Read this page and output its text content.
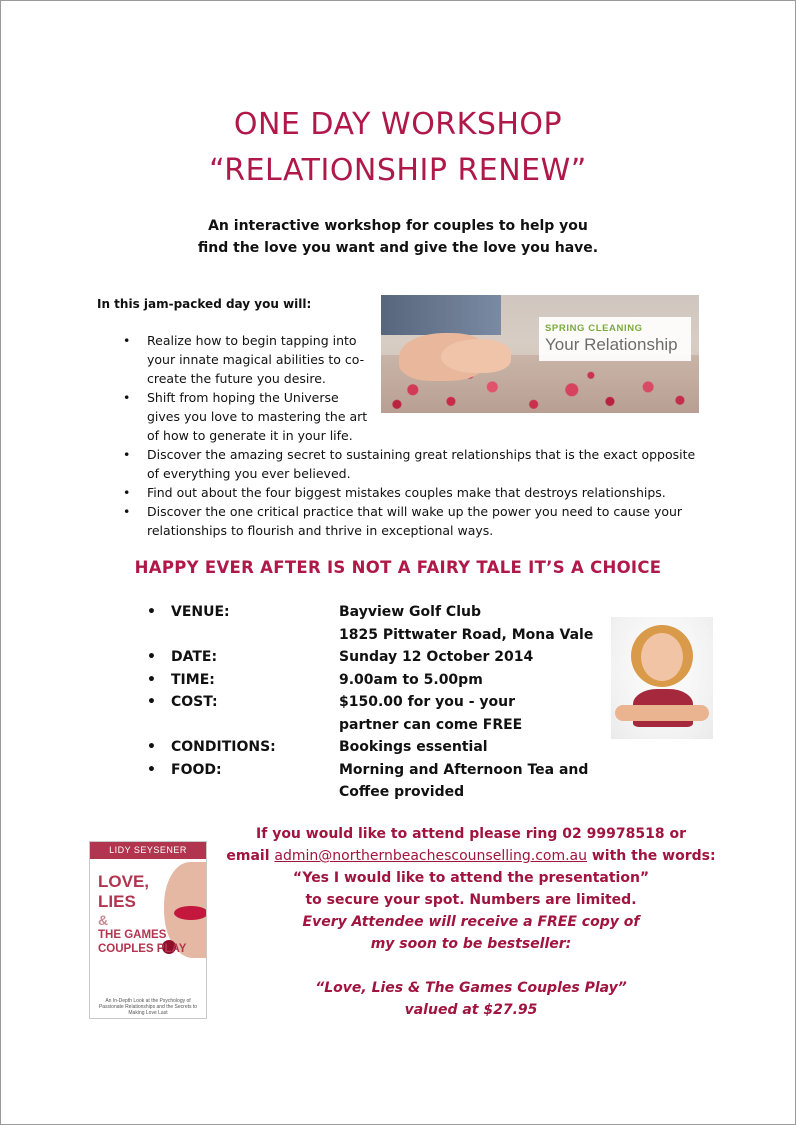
ONE DAY WORKSHOP
“RELATIONSHIP RENEW”
An interactive workshop for couples to help you
find the love you want and give the love you have.
In this jam-packed day you will:
SPRING CLEANING
Your Relationship
• Realize how to begin tapping into
your innate magical abilities to co-
create the future you desire.
• Shift from hoping the Universe
gives you love to mastering the art
of how to generate it in your life.
• Discover the amazing secret to sustaining great relationships that is the exact opposite
of everything you ever believed.
• Find out about the four biggest mistakes couples make that destroys relationships.
• Discover the one critical practice that will wake up the power you need to cause your
relationships to flourish and thrive in exceptional ways.
HAPPY EVER AFTER IS NOT A FAIRY TALE IT’S A CHOICE
• VENUE:	Bayview Golf Club
1825 Pittwater Road, Mona Vale
• DATE:	Sunday 12 October 2014
• TIME:	9.00am to 5.00pm
• COST:	$150.00 for you - your
partner can come FREE
• CONDITIONS:	Bookings essential
• FOOD:	Morning and Afternoon Tea and
Coffee provided
LIDY SEYSENER
LOVE,
LIES
&
THE GAMES
COUPLES PLAY
An In-Depth Look at the Psychology of Passionate Relationships and the Secrets to Making Love Last
If you would like to attend please ring 02 99978518 or
email admin@northernbeachescounselling.com.au with the words:
“Yes I would like to attend the presentation”
to secure your spot. Numbers are limited.
Every Attendee will receive a FREE copy of
my soon to be bestseller:
“Love, Lies & The Games Couples Play”
valued at $27.95
